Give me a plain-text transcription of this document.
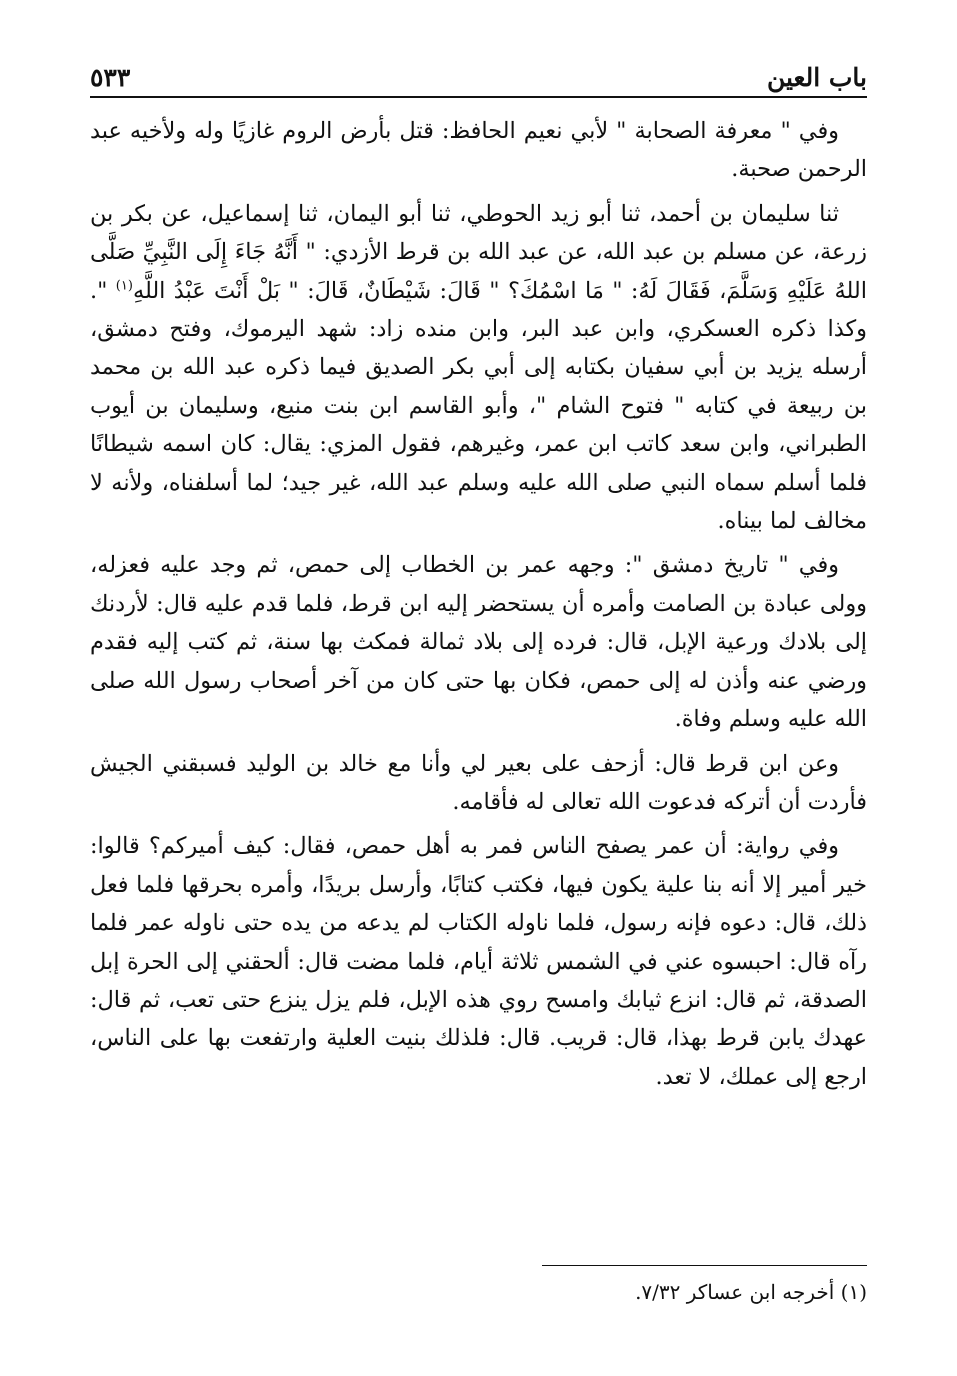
باب العين
٥٣٣

وفي " معرفة الصحابة " لأبي نعيم الحافظ: قتل بأرض الروم غازيًا وله ولأخيه عبد الرحمن صحبة.

ثنا سليمان بن أحمد، ثنا أبو زيد الحوطي، ثنا أبو اليمان، ثنا إسماعيل، عن بكر بن زرعة، عن مسلم بن عبد الله، عن عبد الله بن قرط الأزدي: " أَنَّهُ جَاءَ إِلَى النَّبِيِّ صَلَّى اللهُ عَلَيْهِ وَسَلَّمَ، فَقَالَ لَهُ: " مَا اسْمُكَ؟ " قَالَ: شَيْطَانٌ، قَالَ: " بَلْ أَنْتَ عَبْدُ اللَّهِ$^{(١)}$ ". وكذا ذكره العسكري، وابن عبد البر، وابن منده زاد: شهد اليرموك، وفتح دمشق، أرسله يزيد بن أبي سفيان بكتابه إلى أبي بكر الصديق فيما ذكره عبد الله بن محمد بن ربيعة في كتابه " فتوح الشام "، وأبو القاسم ابن بنت منيع، وسليمان بن أيوب الطبراني، وابن سعد كاتب ابن عمر، وغيرهم، فقول المزي: يقال: كان اسمه شيطانًا فلما أسلم سماه النبي صلى الله عليه وسلم عبد الله، غير جيد؛ لما أسلفناه، ولأنه لا مخالف لما بيناه.

وفي " تاريخ دمشق ": وجهه عمر بن الخطاب إلى حمص، ثم وجد عليه فعزله، وولى عبادة بن الصامت وأمره أن يستحضر إليه ابن قرط، فلما قدم عليه قال: لأردنك إلى بلادك ورعية الإبل، قال: فرده إلى بلاد ثمالة فمكث بها سنة، ثم كتب إليه فقدم ورضي عنه وأذن له إلى حمص، فكان بها حتى كان من آخر أصحاب رسول الله صلى الله عليه وسلم وفاة.

وعن ابن قرط قال: أزحف على بعير لي وأنا مع خالد بن الوليد فسبقني الجيش فأردت أن أتركه فدعوت الله تعالى له فأقامه.

وفي رواية: أن عمر يصفح الناس فمر به أهل حمص، فقال: كيف أميركم؟ قالوا: خير أمير إلا أنه بنا علية يكون فيها، فكتب كتابًا، وأرسل بريدًا، وأمره بحرقها فلما فعل ذلك، قال: دعوه فإنه رسول، فلما ناوله الكتاب لم يدعه من يده حتى ناوله عمر فلما رآه قال: احبسوه عني في الشمس ثلاثة أيام، فلما مضت قال: ألحقني إلى الحرة إبل الصدقة، ثم قال: انزع ثيابك وامسح روي هذه الإبل، فلم يزل ينزع حتى تعب، ثم قال: عهدك يابن قرط بهذا، قال: قريب. قال: فلذلك بنيت العلية وارتفعت بها على الناس، ارجع إلى عملك، لا تعد.

(١) أخرجه ابن عساكر ٧/٣٢.
